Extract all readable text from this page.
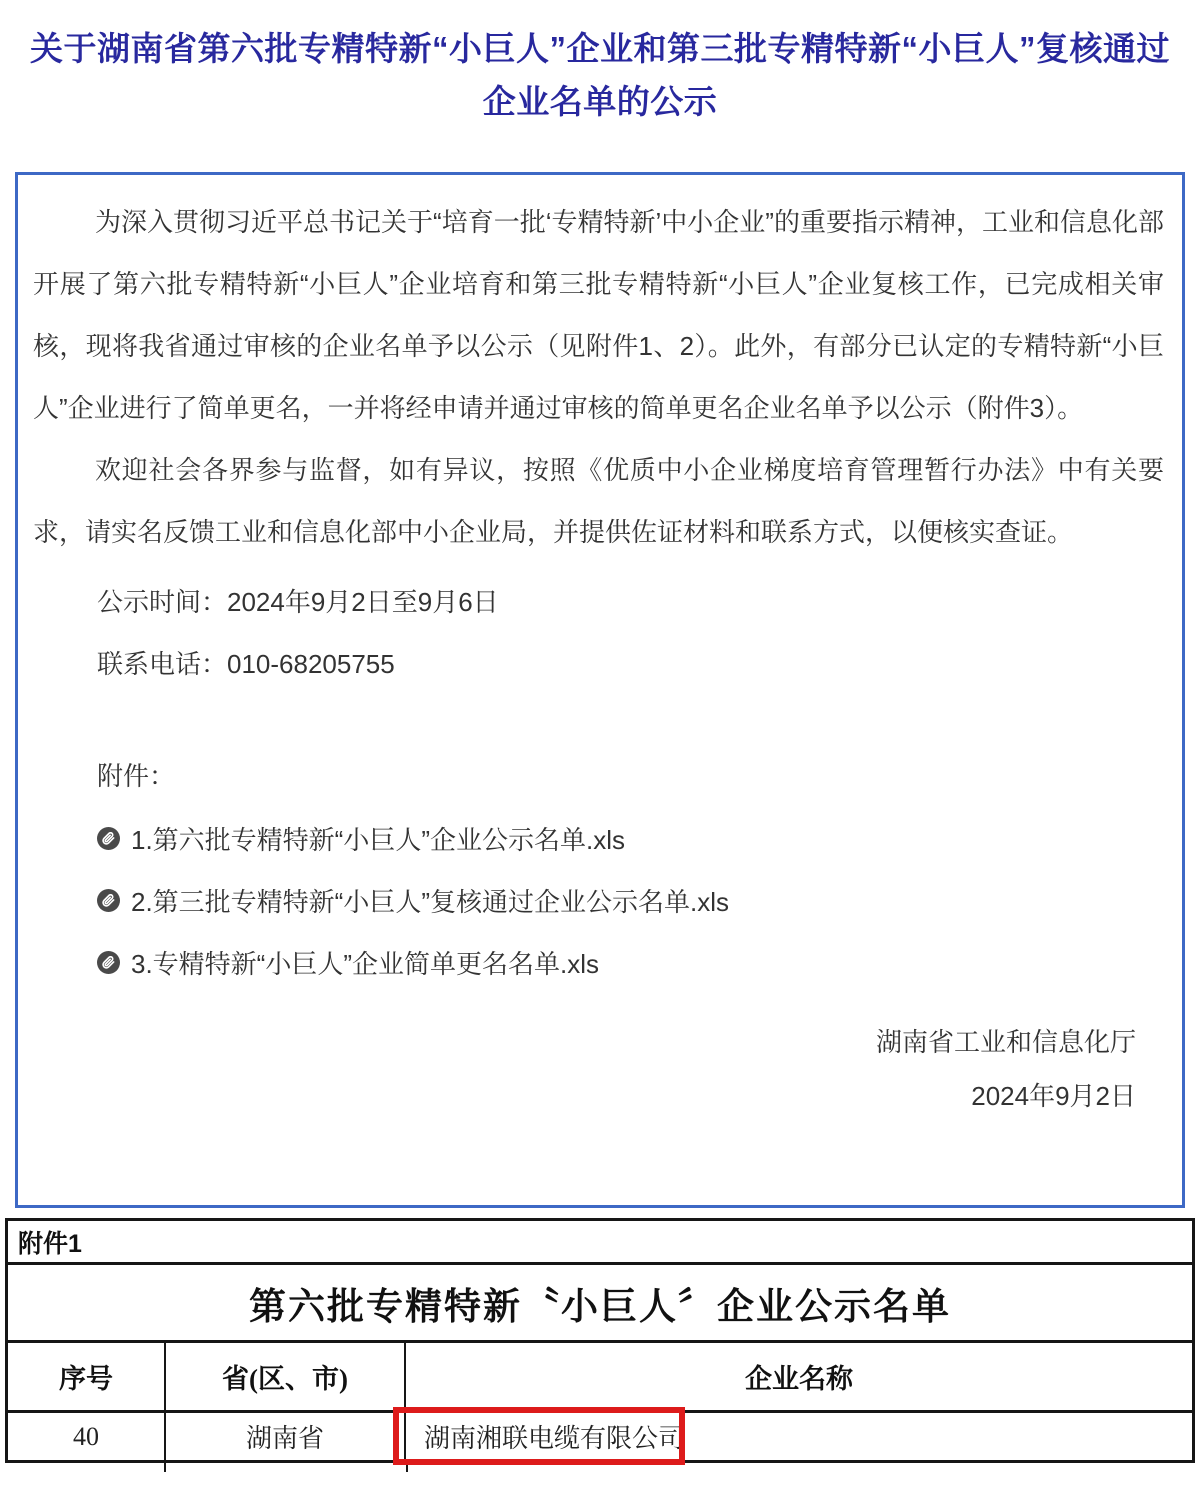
关于湖南省第六批专精特新“小巨人”企业和第三批专精特新“小巨人”复核通过企业名单的公示

为深入贯彻习近平总书记关于“培育一批‘专精特新’中小企业”的重要指示精神，工业和信息化部开展了第六批专精特新“小巨人”企业培育和第三批专精特新“小巨人”企业复核工作，已完成相关审核，现将我省通过审核的企业名单予以公示（见附件1、2）。此外，有部分已认定的专精特新“小巨人”企业进行了简单更名，一并将经申请并通过审核的简单更名企业名单予以公示（附件3）。

欢迎社会各界参与监督，如有异议，按照《优质中小企业梯度培育管理暂行办法》中有关要求，请实名反馈工业和信息化部中小企业局，并提供佐证材料和联系方式，以便核实查证。

公示时间：2024年9月2日至9月6日
联系电话：010-68205755
附件：
1.第六批专精特新“小巨人”企业公示名单.xls
2.第三批专精特新“小巨人”复核通过企业公示名单.xls
3.专精特新“小巨人”企业简单更名名单.xls
湖南省工业和信息化厅
2024年9月2日
附件1
第六批专精特新〝小巨人〞企业公示名单
序号	省(区、市)	企业名称
40	湖南省	湖南湘联电缆有限公司
